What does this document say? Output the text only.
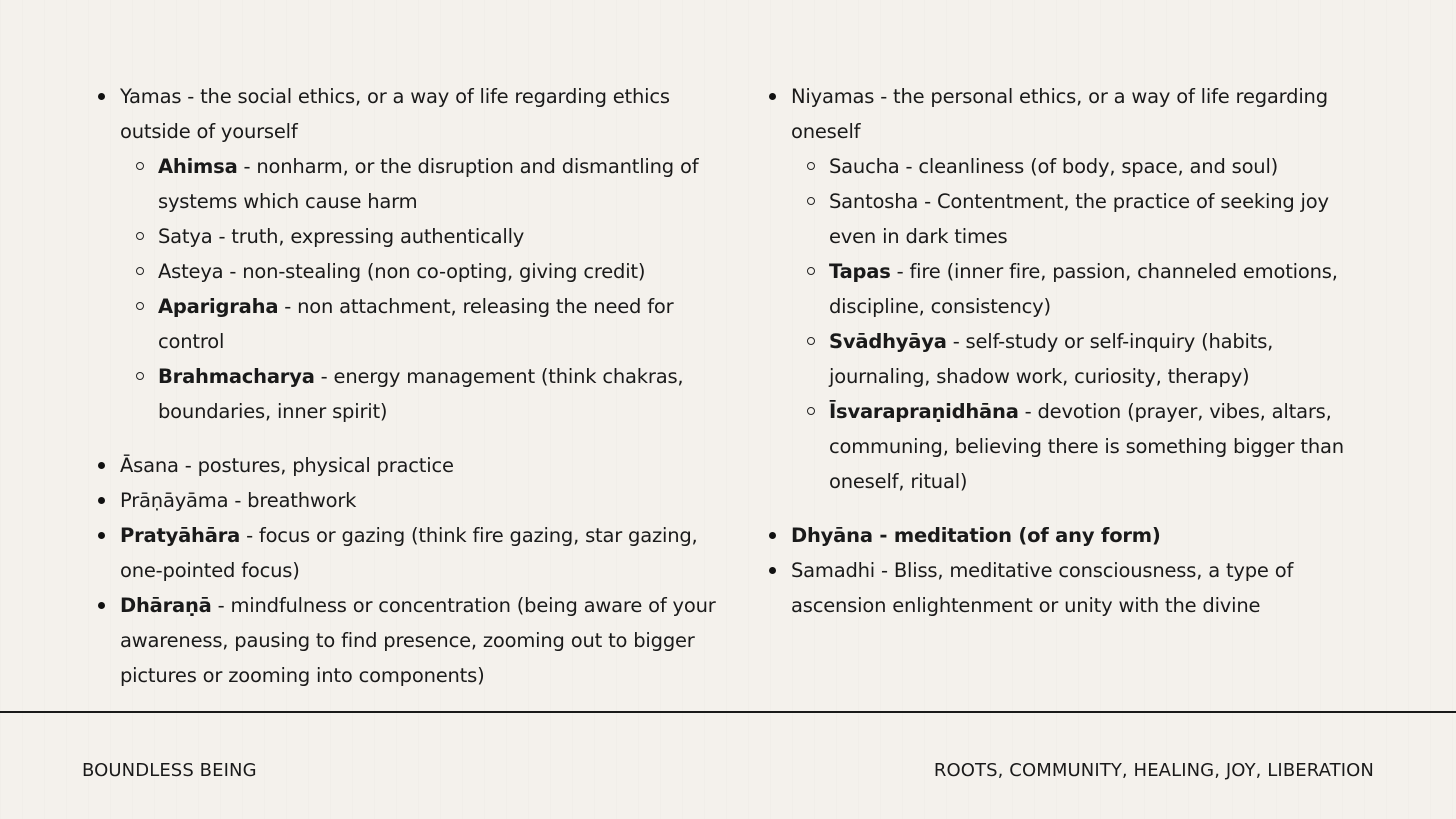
Yamas - the social ethics, or a way of life regarding ethics outside of yourself
Ahimsa - nonharm, or the disruption and dismantling of systems which cause harm
Satya - truth, expressing authentically
Asteya - non-stealing (non co-opting, giving credit)
Aparigraha - non attachment, releasing the need for control
Brahmacharya - energy management (think chakras, boundaries, inner spirit)
Āsana - postures, physical practice
Prāṇāyāma - breathwork
Pratyāhāra - focus or gazing (think fire gazing, star gazing, one-pointed focus)
Dhāraṇā - mindfulness or concentration (being aware of your awareness, pausing to find presence, zooming out to bigger pictures or zooming into components)
Niyamas - the personal ethics, or a way of life regarding oneself
Saucha - cleanliness (of body, space, and soul)
Santosha - Contentment, the practice of seeking joy even in dark times
Tapas - fire (inner fire, passion, channeled emotions, discipline, consistency)
Svādhyāya - self-study or self-inquiry (habits, journaling, shadow work, curiosity, therapy)
Īsvarapraṇidhāna - devotion (prayer, vibes, altars, communing, believing there is something bigger than oneself, ritual)
Dhyāna - meditation (of any form)
Samadhi - Bliss, meditative consciousness, a type of ascension enlightenment or unity with the divine
BOUNDLESS BEING	ROOTS, COMMUNITY, HEALING, JOY, LIBERATION
